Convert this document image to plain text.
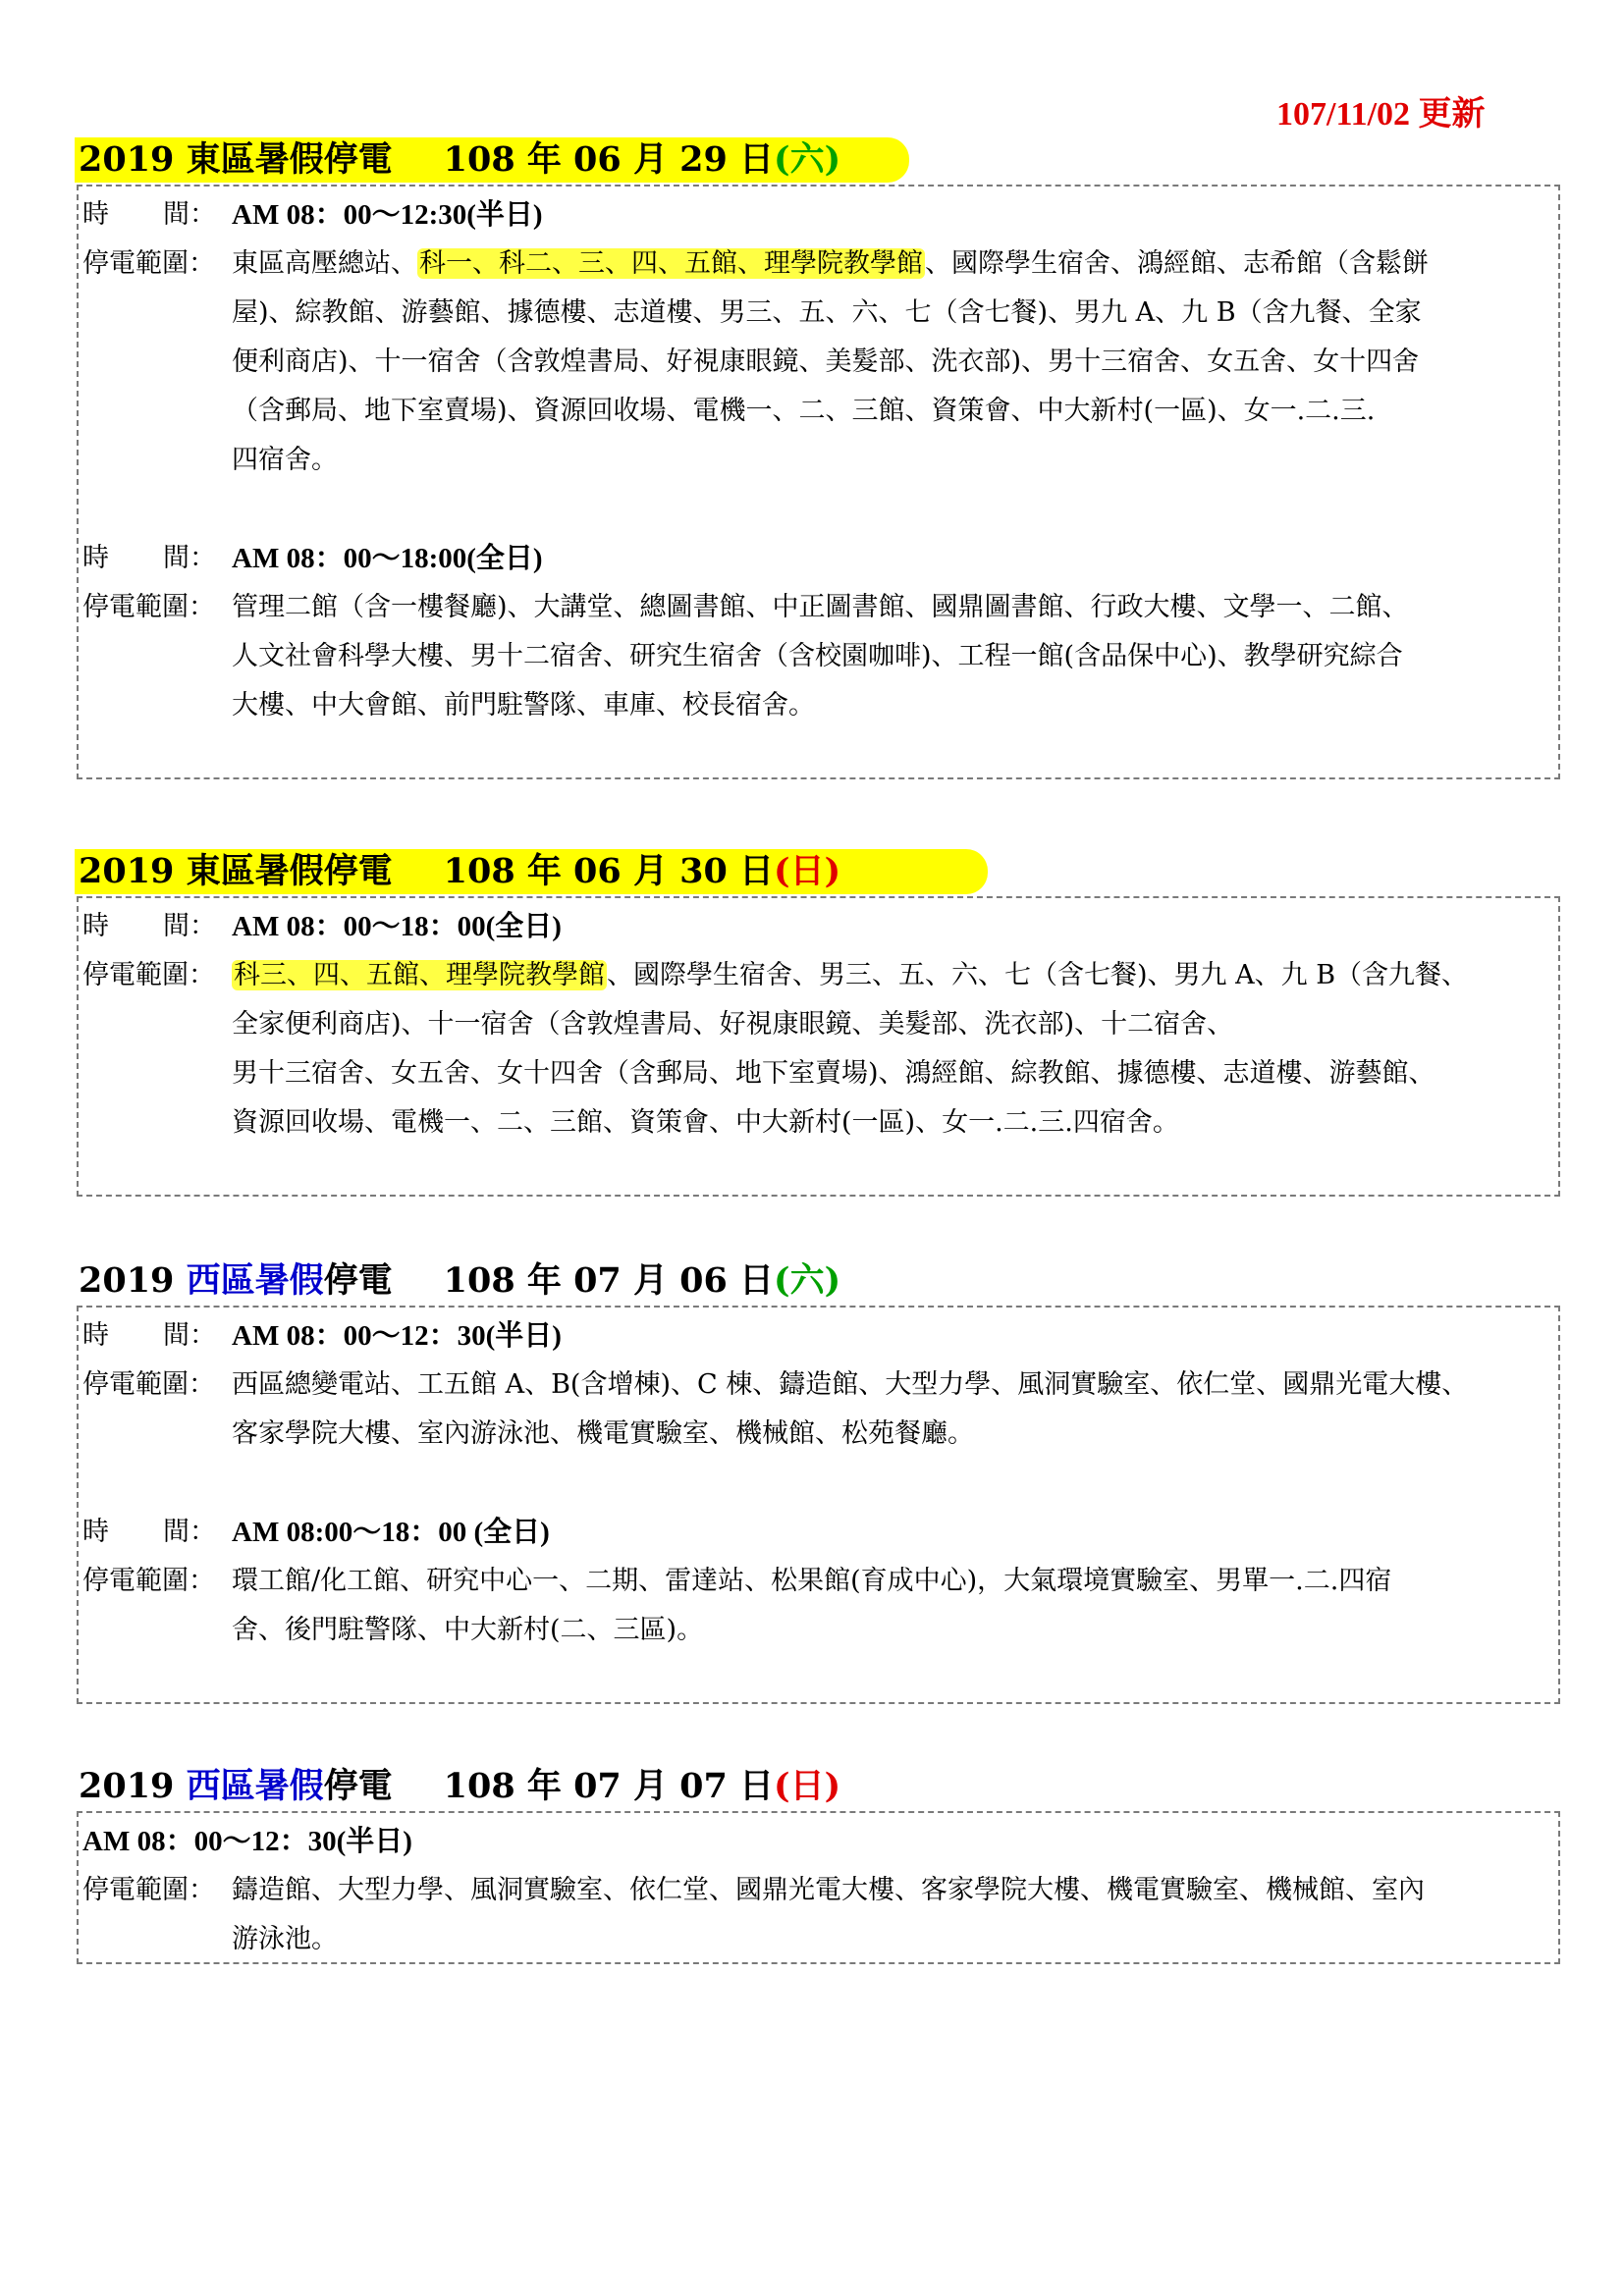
107/11/02 更新
2019 東區暑假停電 108 年 06 月 29 日(六)
時 間： AM 08：00～12:30(半日)
停電範圍： 東區高壓總站、科一、科二、三、四、五館、理學院教學館、國際學生宿舍、鴻經館、志希館（含鬆餅
屋)、綜教館、游藝館、據德樓、志道樓、男三、五、六、七（含七餐)、男九 A、九 B（含九餐、全家
便利商店)、十一宿舍（含敦煌書局、好視康眼鏡、美髮部、洗衣部)、男十三宿舍、女五舍、女十四舍
（含郵局、地下室賣場)、資源回收場、電機一、二、三館、資策會、中大新村(一區)、女一.二.三.
四宿舍。
時 間： AM 08：00～18:00(全日)
停電範圍： 管理二館（含一樓餐廳)、大講堂、總圖書館、中正圖書館、國鼎圖書館、行政大樓、文學一、二館、
人文社會科學大樓、男十二宿舍、研究生宿舍（含校園咖啡)、工程一館(含品保中心)、教學研究綜合
大樓、中大會館、前門駐警隊、車庫、校長宿舍。
2019 東區暑假停電 108 年 06 月 30 日(日)
時 間： AM 08：00～18：00(全日)
停電範圍： 科三、四、五館、理學院教學館、國際學生宿舍、男三、五、六、七（含七餐)、男九 A、九 B（含九餐、
全家便利商店)、十一宿舍（含敦煌書局、好視康眼鏡、美髮部、洗衣部)、十二宿舍、
男十三宿舍、女五舍、女十四舍（含郵局、地下室賣場)、鴻經館、綜教館、據德樓、志道樓、游藝館、
資源回收場、電機一、二、三館、資策會、中大新村(一區)、女一.二.三.四宿舍。
2019 西區暑假停電 108 年 07 月 06 日(六)
時 間： AM 08：00～12：30(半日)
停電範圍： 西區總變電站、工五館 A、B(含增棟)、C 棟、鑄造館、大型力學、風洞實驗室、依仁堂、國鼎光電大樓、
客家學院大樓、室內游泳池、機電實驗室、機械館、松苑餐廳。
時 間： AM 08:00～18：00 (全日)
停電範圍： 環工館/化工館、研究中心一、二期、雷達站、松果館(育成中心)，大氣環境實驗室、男單一.二.四宿
舍、後門駐警隊、中大新村(二、三區)。
2019 西區暑假停電 108 年 07 月 07 日(日)
AM 08：00～12：30(半日)
停電範圍： 鑄造館、大型力學、風洞實驗室、依仁堂、國鼎光電大樓、客家學院大樓、機電實驗室、機械館、室內
游泳池。
